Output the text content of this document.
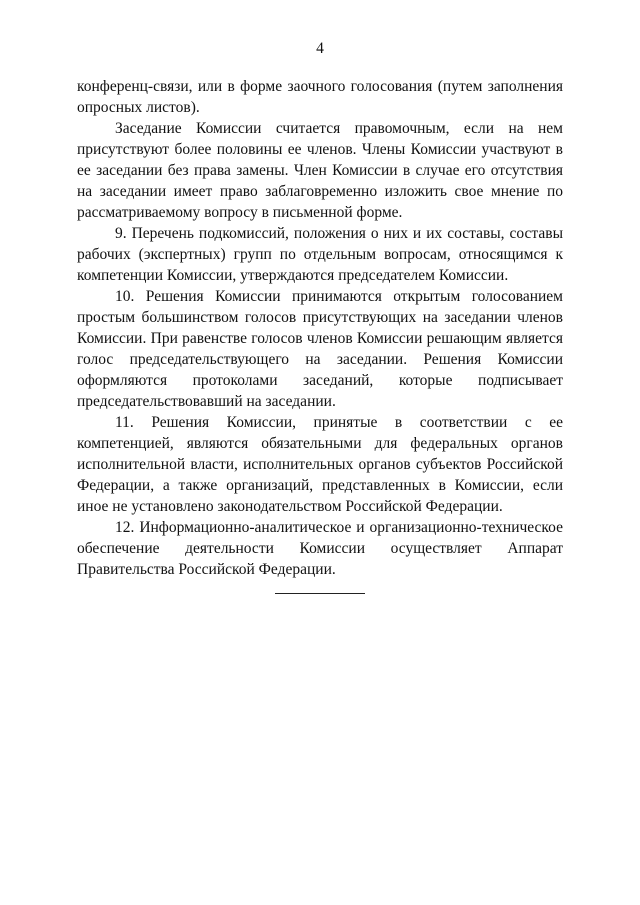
4

конференц-связи, или в форме заочного голосования (путем заполнения опросных листов).

Заседание Комиссии считается правомочным, если на нем присутствуют более половины ее членов. Члены Комиссии участвуют в ее заседании без права замены. Член Комиссии в случае его отсутствия на заседании имеет право заблаговременно изложить свое мнение по рассматриваемому вопросу в письменной форме.

9. Перечень подкомиссий, положения о них и их составы, составы рабочих (экспертных) групп по отдельным вопросам, относящимся к компетенции Комиссии, утверждаются председателем Комиссии.

10. Решения Комиссии принимаются открытым голосованием простым большинством голосов присутствующих на заседании членов Комиссии. При равенстве голосов членов Комиссии решающим является голос председательствующего на заседании. Решения Комиссии оформляются протоколами заседаний, которые подписывает председательствовавший на заседании.

11. Решения Комиссии, принятые в соответствии с ее компетенцией, являются обязательными для федеральных органов исполнительной власти, исполнительных органов субъектов Российской Федерации, а также организаций, представленных в Комиссии, если иное не установлено законодательством Российской Федерации.

12. Информационно-аналитическое и организационно-техническое обеспечение деятельности Комиссии осуществляет Аппарат Правительства Российской Федерации.
